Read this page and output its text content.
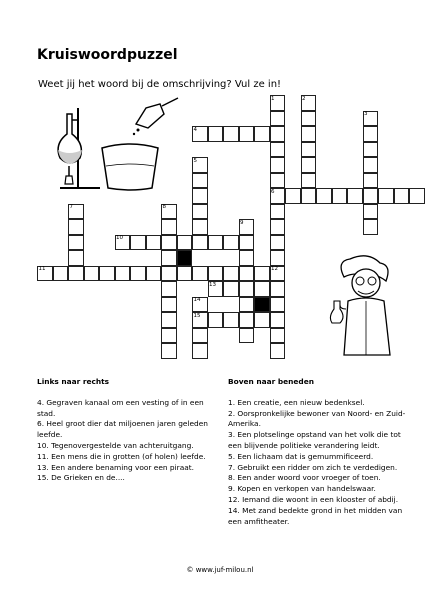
Kruiswoordpuzzel
Weet jij het woord bij de omschrijving? Vul ze in!
1	2
3
4
5
6
7	8
9
10
11	12
13
14
15
Links naar rechts

4. Gegraven kanaal om een vesting of in een stad.

6. Heel groot dier dat miljoenen jaren geleden leefde.

10. Tegenovergestelde van achteruitgang.

11. Een mens die in grotten (of holen) leefde.

13. Een andere benaming voor een piraat.

15. De Grieken en de....

Boven naar beneden

1. Een creatie, een nieuw bedenksel.

2. Oorspronkelijke bewoner van Noord- en Zuid-Amerika.

3. Een plotselinge opstand van het volk die tot een blijvende politieke verandering leidt.

5. Een lichaam dat is gemummificeerd.

7. Gebruikt een ridder om zich te verdedigen.

8. Een ander woord voor vroeger of toen.

9. Kopen en verkopen van handelswaar.

12. Iemand die woont in een klooster of abdij.

14. Met zand bedekte grond in het midden van een amfitheater.

© www.juf-milou.nl
